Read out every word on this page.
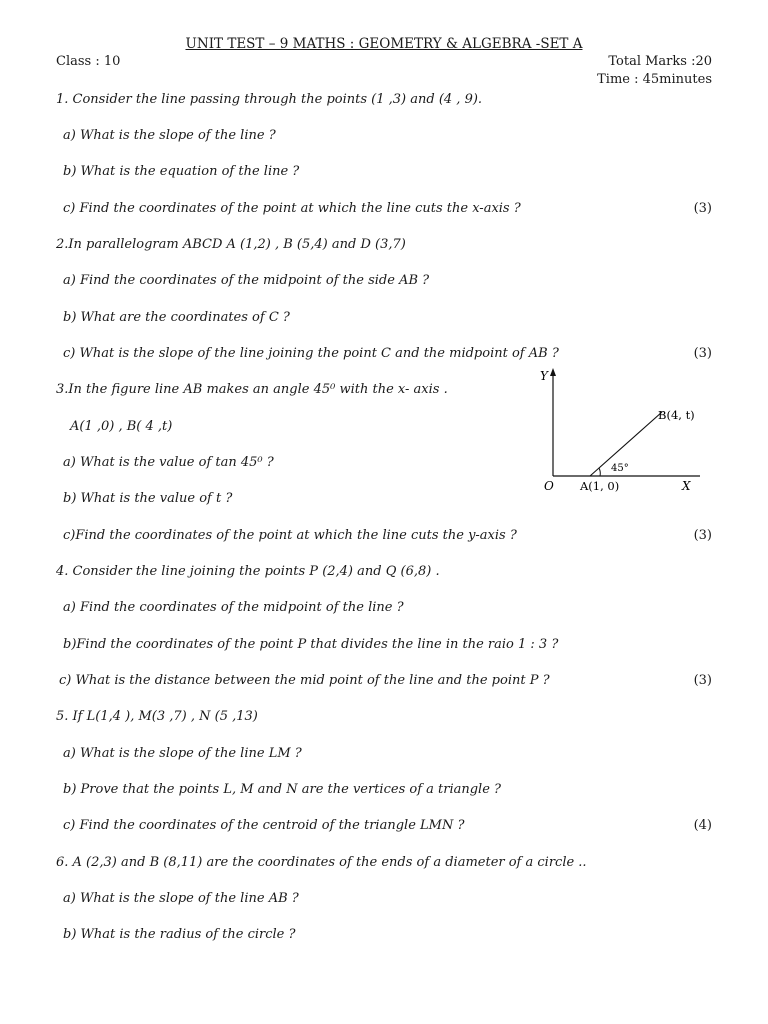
UNIT TEST – 9 MATHS : GEOMETRY & ALGEBRA -SET A
Class : 10	Total Marks :20
Time : 45minutes
1. Consider the line passing through the points (1 ,3) and (4 , 9).
a) What is the slope of the line ?
b) What is the equation of the line ?
c) Find the coordinates of the point at which the line cuts the x-axis ?	(3)
2.In parallelogram ABCD A (1,2) , B (5,4) and D (3,7)
a) Find the coordinates of the midpoint of the side AB ?
b) What are the coordinates of C ?
c) What is the slope of the line joining the point C and the midpoint of AB ?	(3)
3.In the figure line AB makes an angle 45⁰ with the x- axis .
A(1 ,0) , B( 4 ,t)
a) What is the value of tan 45⁰ ?
b) What is the value of t ?
c)Find the coordinates of the point at which the line cuts the y-axis ?	(3)
Y
X
O A(1, 0)
B(4, t)
45°
4. Consider the line joining the points P (2,4) and Q (6,8) .
a) Find the coordinates of the midpoint of the line ?
b)Find the coordinates of the point P that divides the line in the raio 1 : 3 ?
c) What is the distance between the mid point of the line and the point P ?	(3)
5. If L(1,4 ), M(3 ,7) , N (5 ,13)
a) What is the slope of the line LM ?
b) Prove that the points L, M and N are the vertices of a triangle ?
c) Find the coordinates of the centroid of the triangle LMN ?	(4)
6. A (2,3) and B (8,11) are the coordinates of the ends of a diameter of a circle ..
a) What is the slope of the line AB ?
b) What is the radius of the circle ?
